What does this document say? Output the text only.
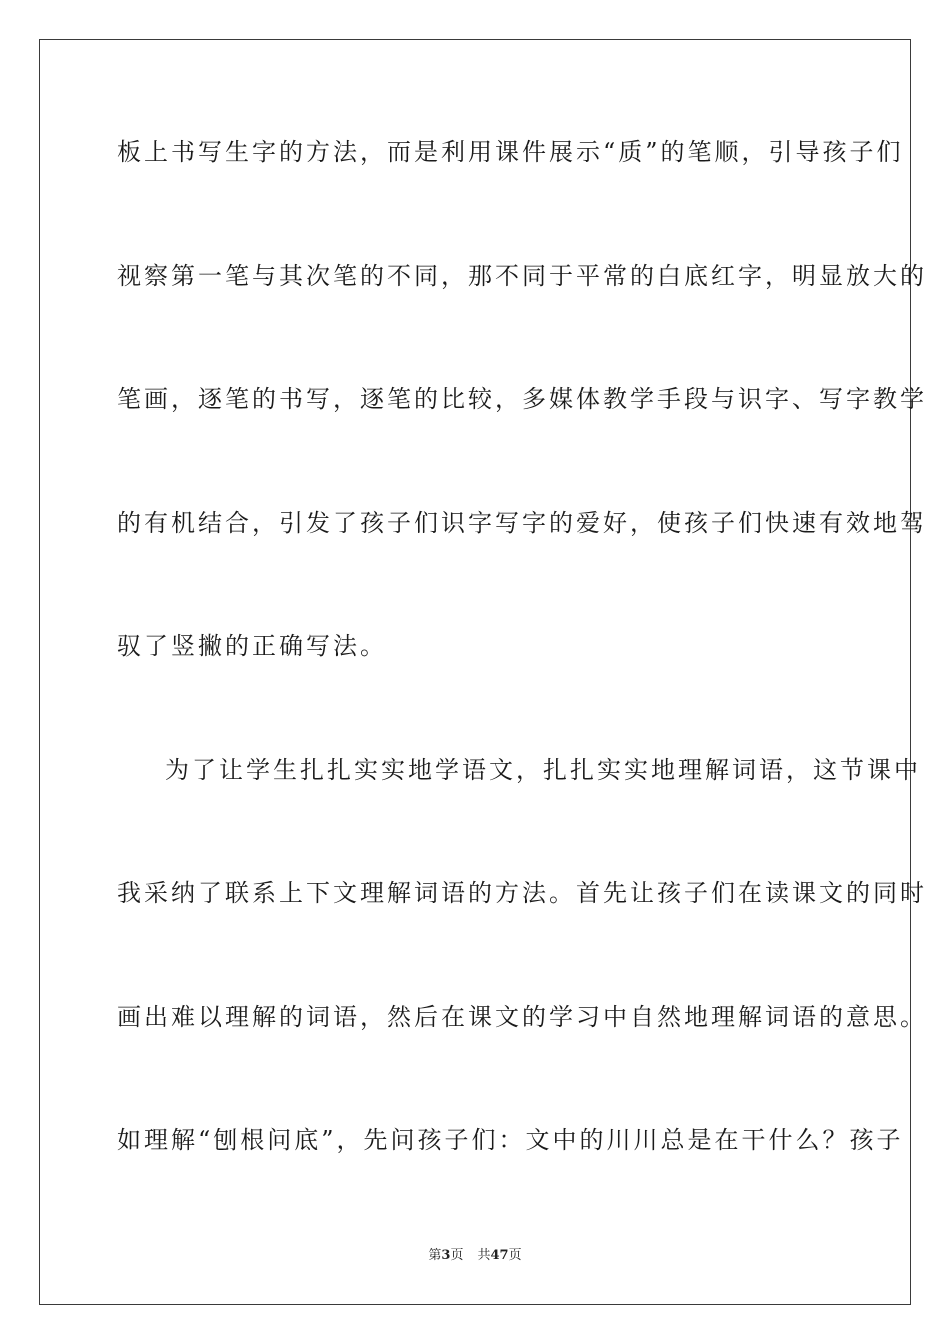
板上书写生字的方法，而是利用课件展示“质”的笔顺，引导孩子们
视察第一笔与其次笔的不同，那不同于平常的白底红字，明显放大的
笔画，逐笔的书写，逐笔的比较，多媒体教学手段与识字、写字教学
的有机结合，引发了孩子们识字写字的爱好，使孩子们快速有效地驾
驭了竖撇的正确写法。
为了让学生扎扎实实地学语文，扎扎实实地理解词语，这节课中
我采纳了联系上下文理解词语的方法。首先让孩子们在读课文的同时
画出难以理解的词语，然后在课文的学习中自然地理解词语的意思。
如理解“刨根问底”，先问孩子们：文中的川川总是在干什么？孩子
第3页 共47页
